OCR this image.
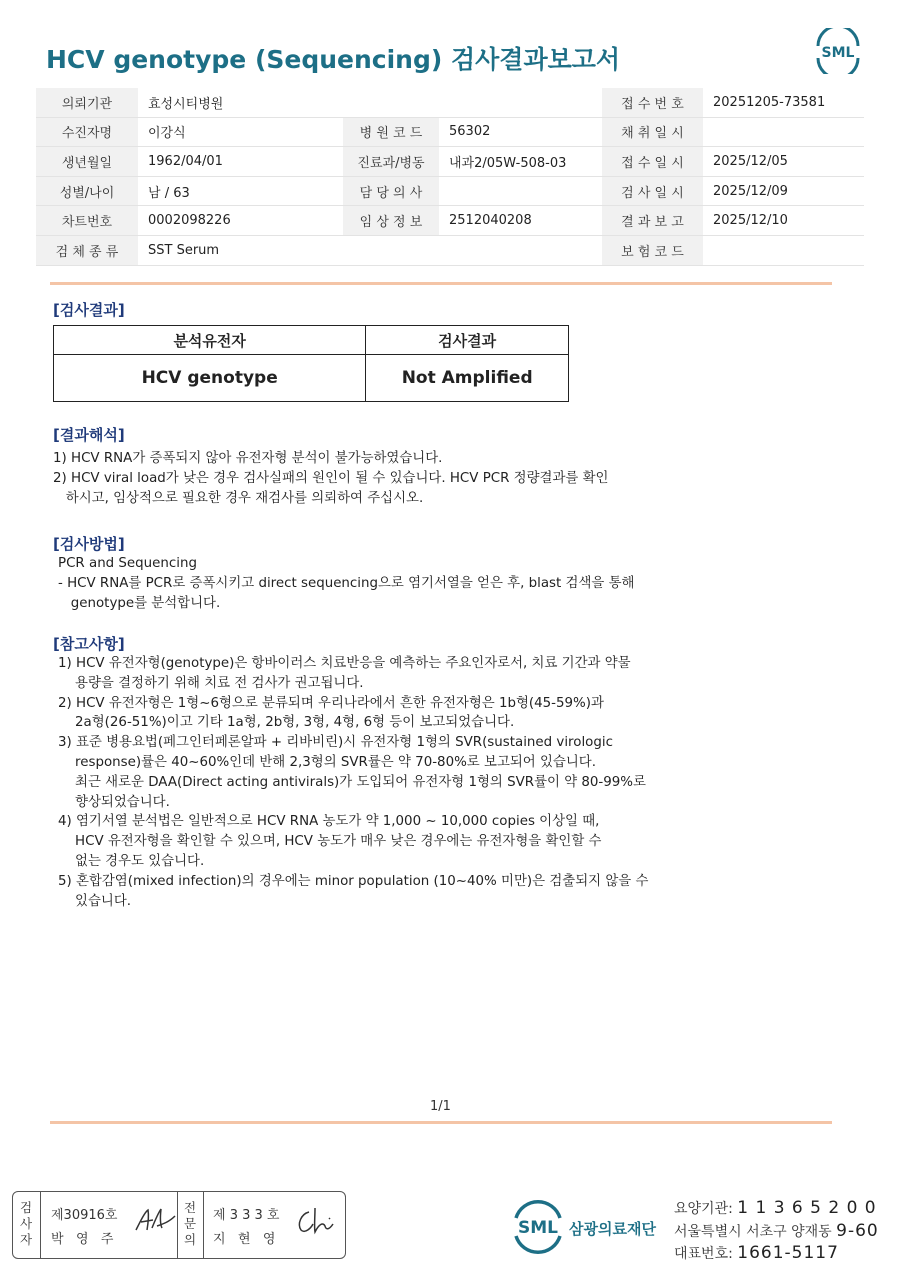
HCV genotype (Sequencing) 검사결과보고서	SML
의뢰기관	효성시티병원			접 수 번 호	20251205-73581
수진자명	이강식	병 원 코 드	56302	채 취 일 시	
생년월일	1962/04/01	진료과/병동	내과2/05W-508-03	접 수 일 시	2025/12/05
성별/나이	남 / 63	담 당 의 사		검 사 일 시	2025/12/09
차트번호	0002098226	임 상 정 보	2512040208	결 과 보 고	2025/12/10
검 체 종 류	SST Serum			보 험 코 드	
[검사결과]
분석유전자	검사결과
HCV genotype	Not Amplified
[결과해석]
1) HCV RNA가 증폭되지 않아 유전자형 분석이 불가능하였습니다.
2) HCV viral load가 낮은 경우 검사실패의 원인이 될 수 있습니다. HCV PCR 정량결과를 확인
하시고, 임상적으로 필요한 경우 재검사를 의뢰하여 주십시오.
[검사방법]
PCR and Sequencing
- HCV RNA를 PCR로 증폭시키고 direct sequencing으로 염기서열을 얻은 후, blast 검색을 통해
genotype를 분석합니다.
[참고사항]
1) HCV 유전자형(genotype)은 항바이러스 치료반응을 예측하는 주요인자로서, 치료 기간과 약물
용량을 결정하기 위해 치료 전 검사가 권고됩니다.
2) HCV 유전자형은 1형~6형으로 분류되며 우리나라에서 흔한 유전자형은 1b형(45-59%)과
2a형(26-51%)이고 기타 1a형, 2b형, 3형, 4형, 6형 등이 보고되었습니다.
3) 표준 병용요법(페그인터페론알파 + 리바비린)시 유전자형 1형의 SVR(sustained virologic
response)률은 40~60%인데 반해 2,3형의 SVR률은 약 70-80%로 보고되어 있습니다.
최근 새로운 DAA(Direct acting antivirals)가 도입되어 유전자형 1형의 SVR률이 약 80-99%로
향상되었습니다.
4) 염기서열 분석법은 일반적으로 HCV RNA 농도가 약 1,000 ~ 10,000 copies 이상일 때,
HCV 유전자형을 확인할 수 있으며, HCV 농도가 매우 낮은 경우에는 유전자형을 확인할 수
없는 경우도 있습니다.
5) 혼합감염(mixed infection)의 경우에는 minor population (10~40% 미만)은 검출되지 않을 수
있습니다.
1/1
검
사
자
제30916호
박   영   주
전
문
의
제 3 3 3 호
지   현   영
SML 삼광의료재단
요양기관: 1 1 3 6 5 2 0 0
서울특별시 서초구 양재동 9-60
대표번호: 1661-5117
